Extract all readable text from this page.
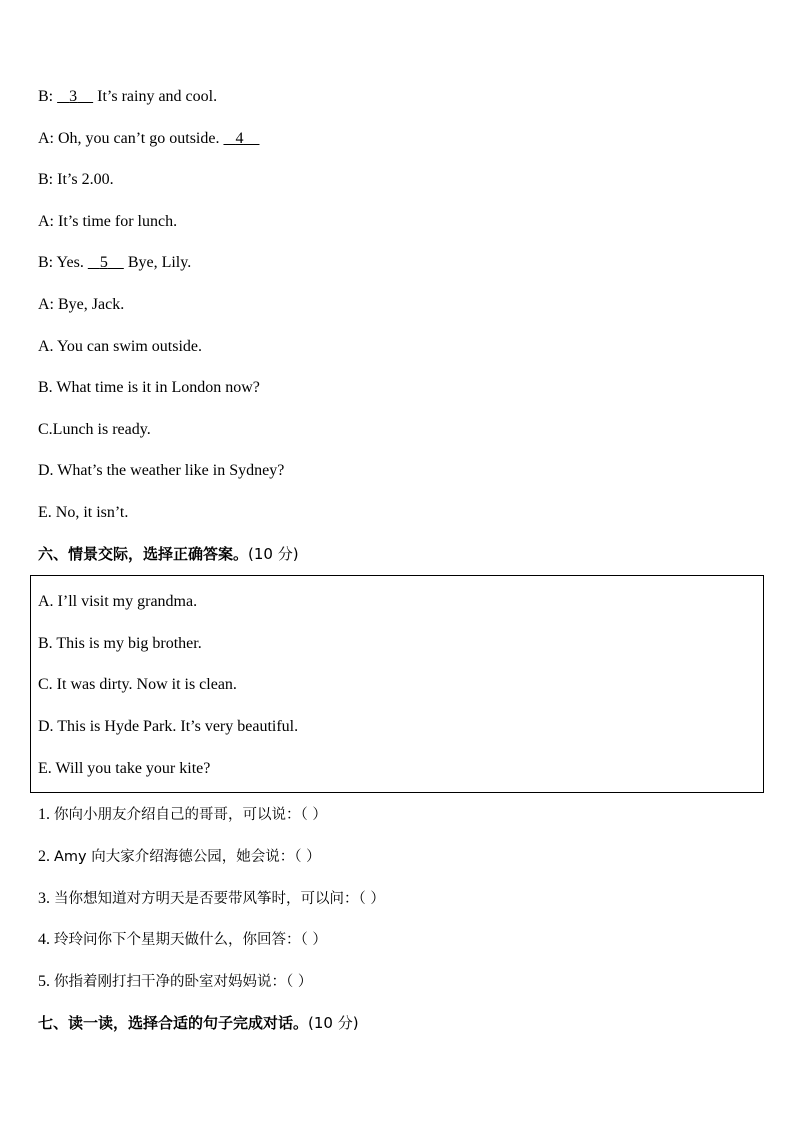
B: 3 It’s rainy and cool.
A: Oh, you can’t go outside. 4
B: It’s 2.00.
A: It’s time for lunch.
B: Yes. 5 Bye, Lily.
A: Bye, Jack.
A. You can swim outside.
B. What time is it in London now?
C.Lunch is ready.
D. What’s the weather like in Sydney?
E. No, it isn’t.
六、情景交际，选择正确答案。(10 分)
A. I’ll visit my grandma.
B. This is my big brother.
C. It was dirty. Now it is clean.
D. This is Hyde Park. It’s very beautiful.
E. Will you take your kite?
1. 你向小朋友介绍自己的哥哥，可以说：（ ）
2. Amy 向大家介绍海德公园，她会说：（ ）
3. 当你想知道对方明天是否要带风筝时，可以问：（ ）
4. 玲玲问你下个星期天做什么，你回答：（ ）
5. 你指着刚打扫干净的卧室对妈妈说：（ ）
七、读一读，选择合适的句子完成对话。(10 分)
